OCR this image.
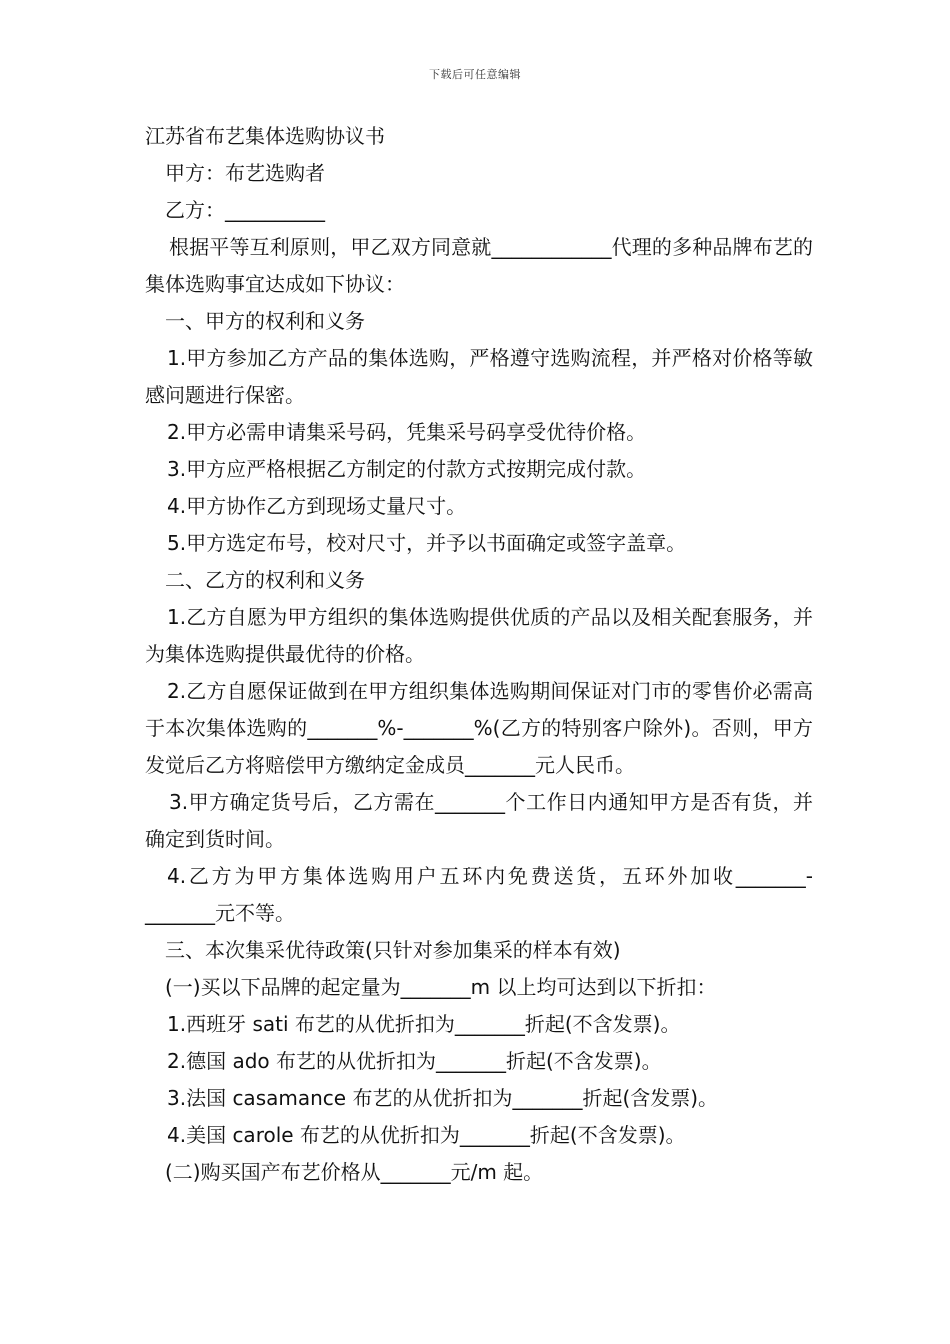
下载后可任意编辑

江苏省布艺集体选购协议书

甲方：布艺选购者

乙方：__________

根据平等互利原则，甲乙双方同意就____________代理的多种品牌布艺的集体选购事宜达成如下协议：

一、甲方的权利和义务

1.甲方参加乙方产品的集体选购，严格遵守选购流程，并严格对价格等敏感问题进行保密。

2.甲方必需申请集采号码，凭集采号码享受优待价格。

3.甲方应严格根据乙方制定的付款方式按期完成付款。

4.甲方协作乙方到现场丈量尺寸。

5.甲方选定布号，校对尺寸，并予以书面确定或签字盖章。

二、乙方的权利和义务

1.乙方自愿为甲方组织的集体选购提供优质的产品以及相关配套服务，并为集体选购提供最优待的价格。

2.乙方自愿保证做到在甲方组织集体选购期间保证对门市的零售价必需高于本次集体选购的_______%-_______%(乙方的特别客户除外)。否则，甲方发觉后乙方将赔偿甲方缴纳定金成员_______元人民币。

3.甲方确定货号后，乙方需在_______个工作日内通知甲方是否有货，并确定到货时间。

4.乙方为甲方集体选购用户五环内免费送货，五环外加收_______-_______元不等。

三、本次集采优待政策(只针对参加集采的样本有效)

(一)买以下品牌的起定量为_______m 以上均可达到以下折扣：

1.西班牙 sati 布艺的从优折扣为_______折起(不含发票)。

2.德国 ado 布艺的从优折扣为_______折起(不含发票)。

3.法国 casamance 布艺的从优折扣为_______折起(含发票)。

4.美国 carole 布艺的从优折扣为_______折起(不含发票)。

(二)购买国产布艺价格从_______元/m 起。
